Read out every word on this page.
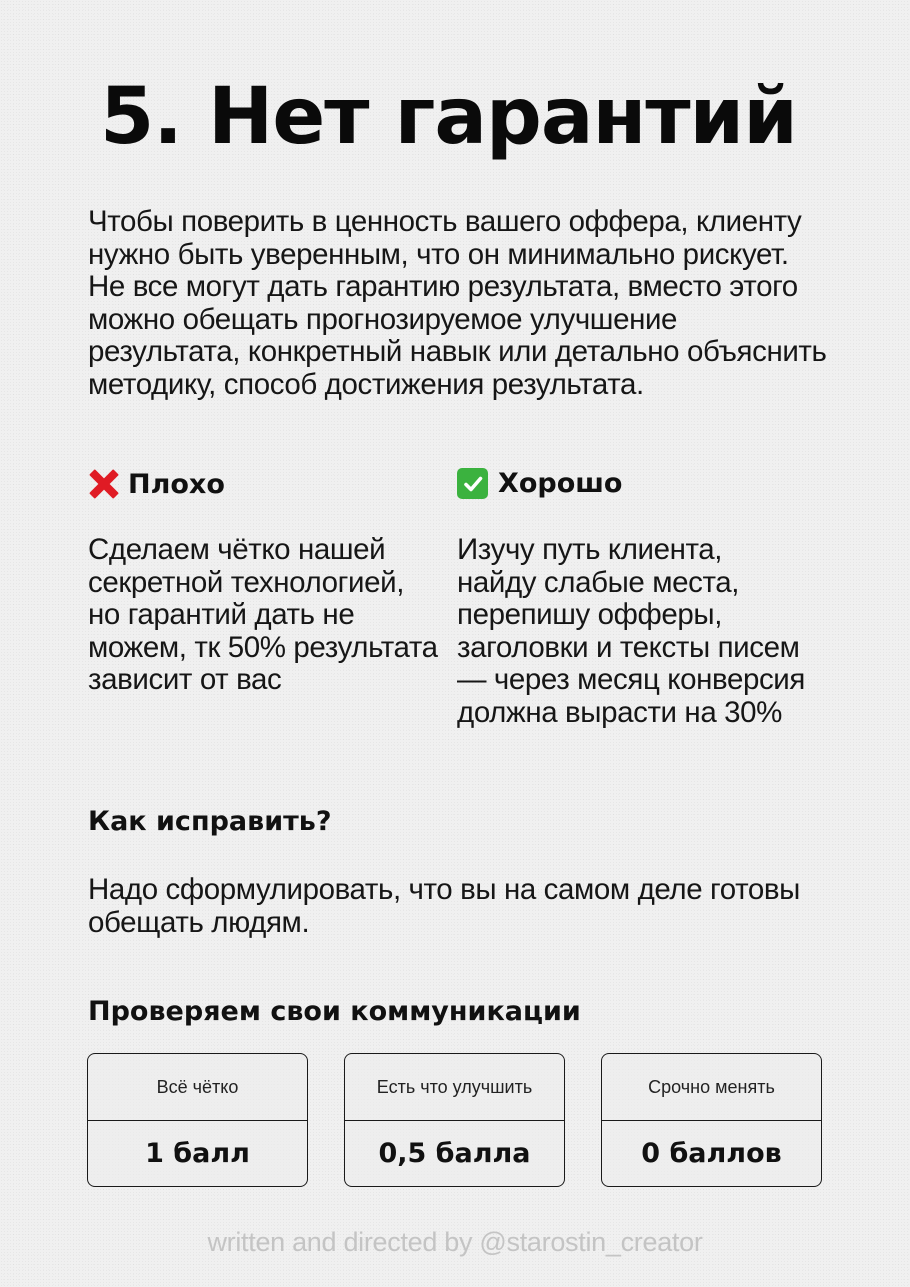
5. Нет гарантий

Чтобы поверить в ценность вашего оффера, клиенту нужно быть уверенным, что он минимально рискует. Не все могут дать гарантию результата, вместо этого можно обещать прогнозируемое улучшение результата, конкретный навык или детально объяснить методику, способ достижения результата.

Плохо	Хорошо

Сделаем чётко нашей секретной технологией, но гарантий дать не можем, тк 50% результата зависит от вас

Изучу путь клиента, найду слабые места, перепишу офферы, заголовки и тексты писем — через месяц конверсия должна вырасти на 30%

Как исправить?

Надо сформулировать, что вы на самом деле готовы обещать людям.

Проверяем свои коммуникации
Всё чётко
1 балл
Есть что улучшить
0,5 балла
Срочно менять
0 баллов
written and directed by @starostin_creator
